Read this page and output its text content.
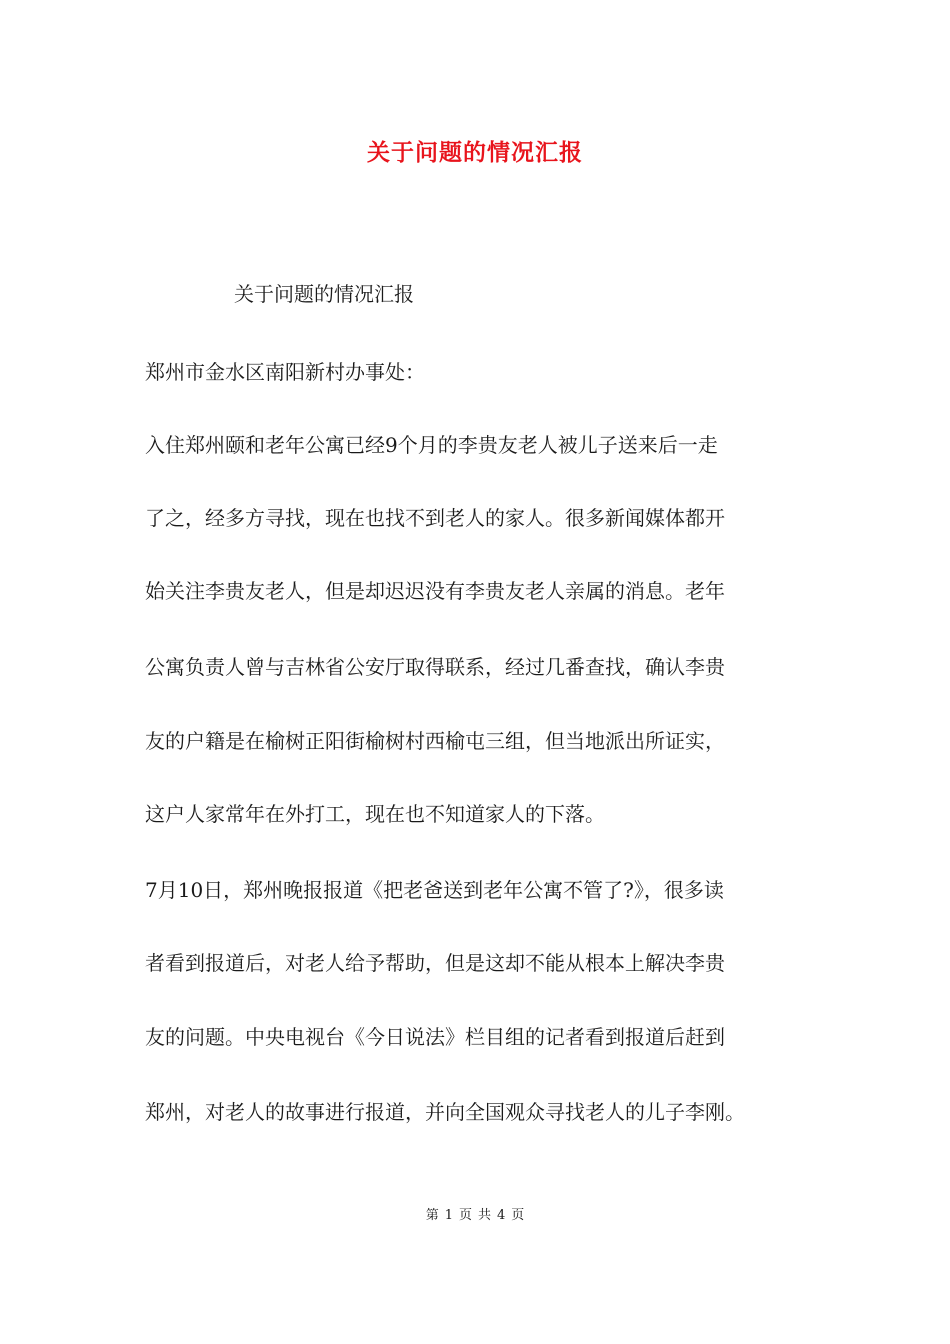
关于问题的情况汇报
关于问题的情况汇报
郑州市金水区南阳新村办事处：
入住郑州颐和老年公寓已经9个月的李贵友老人被儿子送来后一走
了之，经多方寻找，现在也找不到老人的家人。很多新闻媒体都开
始关注李贵友老人，但是却迟迟没有李贵友老人亲属的消息。老年
公寓负责人曾与吉林省公安厅取得联系，经过几番查找，确认李贵
友的户籍是在榆树正阳街榆树村西榆屯三组，但当地派出所证实，
这户人家常年在外打工，现在也不知道家人的下落。
7月10日，郑州晚报报道《把老爸送到老年公寓不管了?》，很多读
者看到报道后，对老人给予帮助，但是这却不能从根本上解决李贵
友的问题。中央电视台《今日说法》栏目组的记者看到报道后赶到
郑州，对老人的故事进行报道，并向全国观众寻找老人的儿子李刚。
第 1 页 共 4 页
